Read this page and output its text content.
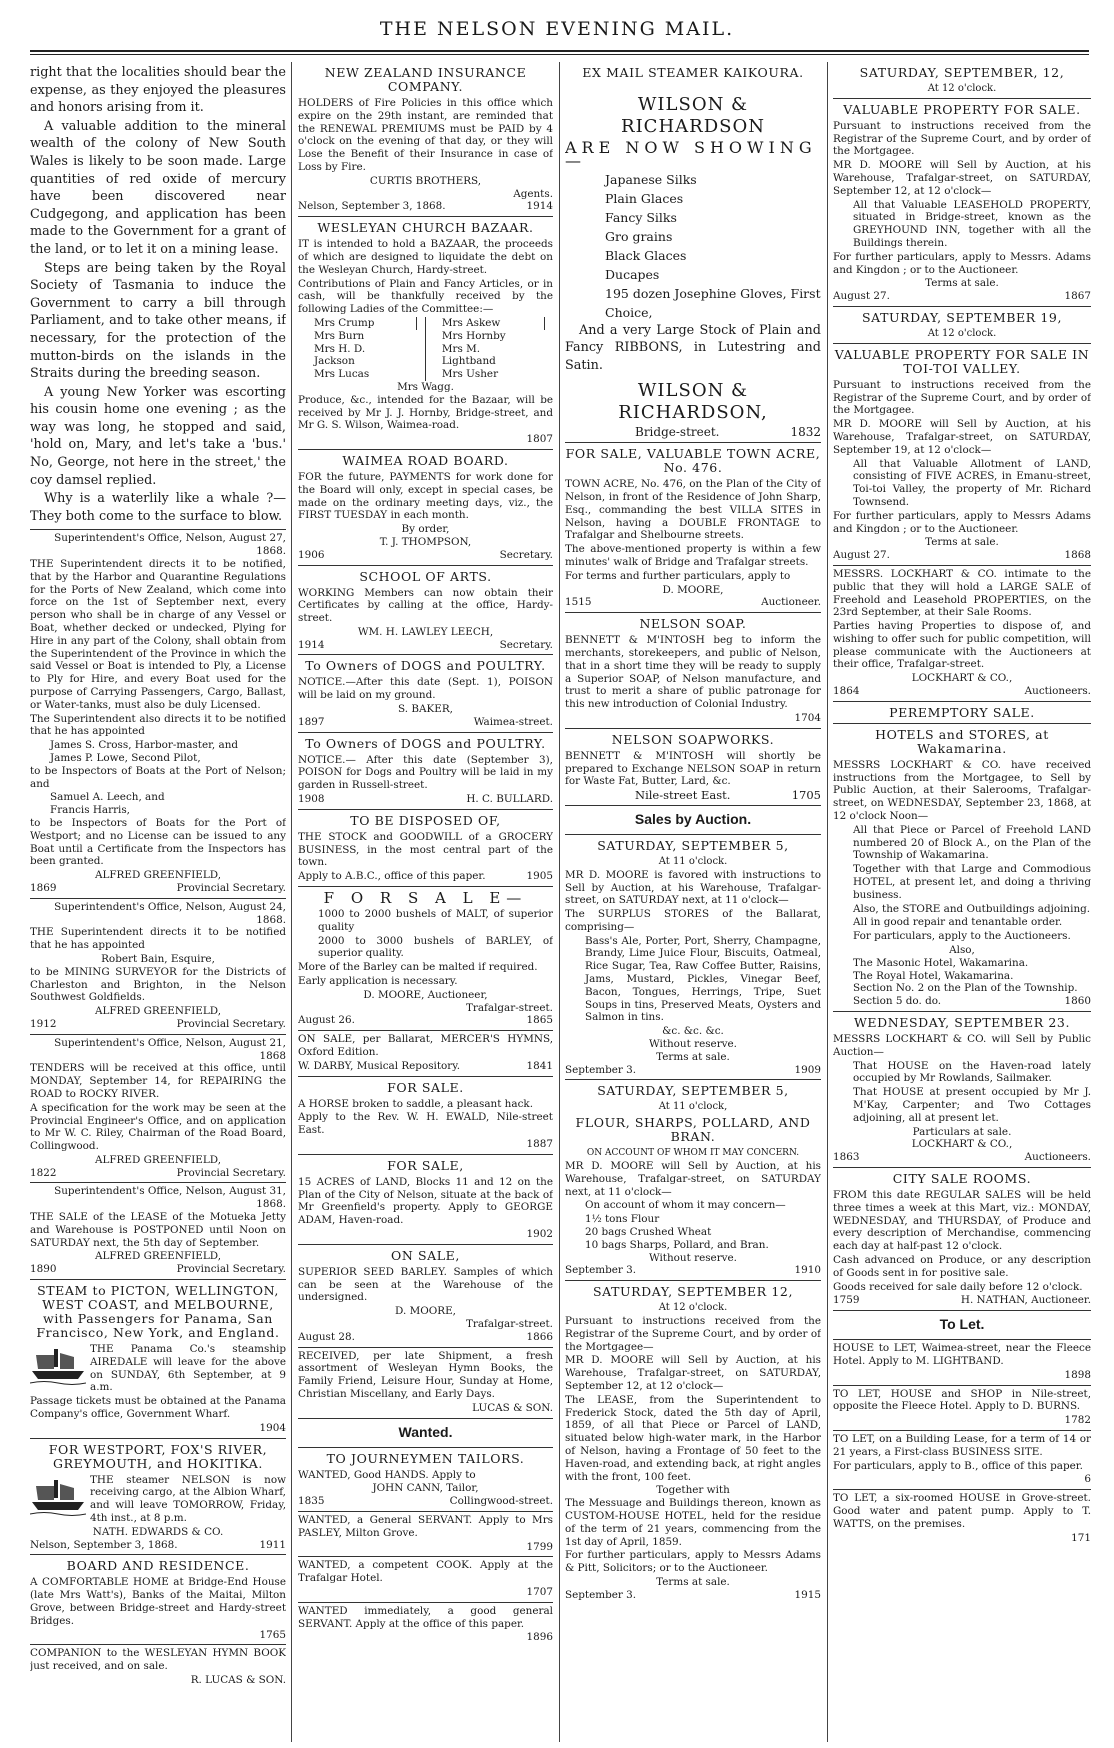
THE NELSON EVENING MAIL.

right that the localities should bear the expense, as they enjoyed the pleasures and honors arising from it.

A valuable addition to the mineral wealth of the colony of New South Wales is likely to be soon made. Large quantities of red oxide of mercury have been discovered near Cudgegong, and application has been made to the Government for a grant of the land, or to let it on a mining lease.

Steps are being taken by the Royal Society of Tasmania to induce the Government to carry a bill through Parliament, and to take other means, if necessary, for the protection of the mutton-birds on the islands in the Straits during the breeding season.

A young New Yorker was escorting his cousin home one evening ; as the way was long, he stopped and said, 'hold on, Mary, and let's take a 'bus.' No, George, not here in the street,' the coy damsel replied.

Why is a waterlily like a whale ?— They both come to the surface to blow.

Superintendent's Office, Nelson, August 27, 1868.

THE Superintendent directs it to be notified, that by the Harbor and Quarantine Regulations for the Ports of New Zealand, which come into force on the 1st of September next, every person who shall be in charge of any Vessel or Boat, whether decked or undecked, Plying for Hire in any part of the Colony, shall obtain from the Superintendent of the Province in which the said Vessel or Boat is intended to Ply, a License to Ply for Hire, and every Boat used for the purpose of Carrying Passengers, Cargo, Ballast, or Water-tanks, must also be duly Licensed.

The Superintendent also directs it to be notified that he has appointed

James S. Cross, Harbor-master, and
James P. Lowe, Second Pilot,

to be Inspectors of Boats at the Port of Nelson; and

Samuel A. Leech, and
Francis Harris,

to be Inspectors of Boats for the Port of Westport; and no License can be issued to any Boat until a Certificate from the Inspectors has been granted.

ALFRED GREENFIELD,
1869	Provincial Secretary.
Superintendent's Office, Nelson, August 24, 1868.

THE Superintendent directs it to be notified that he has appointed

Robert Bain, Esquire,

to be MINING SURVEYOR for the Districts of Charleston and Brighton, in the Nelson Southwest Goldfields.

ALFRED GREENFIELD,
1912	Provincial Secretary.
Superintendent's Office, Nelson, August 21, 1868

TENDERS will be received at this office, until MONDAY, September 14, for REPAIRING the ROAD to ROCKY RIVER.

A specification for the work may be seen at the Provincial Engineer's Office, and on application to Mr W. C. Riley, Chairman of the Road Board, Collingwood.

ALFRED GREENFIELD,
1822	Provincial Secretary.
Superintendent's Office, Nelson, August 31, 1868.

THE SALE of the LEASE of the Motueka Jetty and Warehouse is POSTPONED until Noon on SATURDAY next, the 5th day of September.

ALFRED GREENFIELD,
1890	Provincial Secretary.
STEAM to PICTON, WELLINGTON, WEST COAST, and MELBOURNE, with Passengers for Panama, San Francisco, New York, and England.

THE Panama Co.'s steamship AIREDALE will leave for the above on SUNDAY, 6th September, at 9 a.m.

Passage tickets must be obtained at the Panama Company's office, Government Wharf.

1904
FOR WESTPORT, FOX'S RIVER, GREYMOUTH, and HOKITIKA.

THE steamer NELSON is now receiving cargo, at the Albion Wharf, and will leave TOMORROW, Friday, 4th inst., at 8 p.m.

NATH. EDWARDS & CO.
Nelson, September 3, 1868.	1911
BOARD AND RESIDENCE.

A COMFORTABLE HOME at Bridge-End House (late Mrs Watt's), Banks of the Maitai, Milton Grove, between Bridge-street and Hardy-street Bridges.

1765

COMPANION to the WESLEYAN HYMN BOOK just received, and on sale.

R. LUCAS & SON.
NEW ZEALAND INSURANCE COMPANY.

HOLDERS of Fire Policies in this office which expire on the 29th instant, are reminded that the RENEWAL PREMIUMS must be PAID by 4 o'clock on the evening of that day, or they will Lose the Benefit of their Insurance in case of Loss by Fire.

CURTIS BROTHERS,
Agents.
Nelson, September 3, 1868.	1914
WESLEYAN CHURCH BAZAAR.

IT is intended to hold a BAZAAR, the proceeds of which are designed to liquidate the debt on the Wesleyan Church, Hardy-street.

Contributions of Plain and Fancy Articles, or in cash, will be thankfully received by the following Ladies of the Committee:—

Mrs Crump
Mrs Burn
Mrs H. D. Jackson
Mrs Lucas
Mrs Askew
Mrs Hornby
Mrs M. Lightband
Mrs Usher
Mrs Wagg.

Produce, &c., intended for the Bazaar, will be received by Mr J. J. Hornby, Bridge-street, and Mr G. S. Wilson, Waimea-road.

1807
WAIMEA ROAD BOARD.

FOR the future, PAYMENTS for work done for the Board will only, except in special cases, be made on the ordinary meeting days, viz., the FIRST TUESDAY in each month.

By order,
T. J. THOMPSON,
1906	Secretary.
SCHOOL OF ARTS.

WORKING Members can now obtain their Certificates by calling at the office, Hardy-street.

WM. H. LAWLEY LEECH,
1914	Secretary.
To Owners of DOGS and POULTRY.

NOTICE.—After this date (Sept. 1), POISON will be laid on my ground.

S. BAKER,
1897	Waimea-street.
To Owners of DOGS and POULTRY.

NOTICE.— After this date (September 3), POISON for Dogs and Poultry will be laid in my garden in Russell-street.

1908	H. C. BULLARD.
TO BE DISPOSED OF,

THE STOCK and GOODWILL of a GROCERY BUSINESS, in the most central part of the town.

Apply to A.B.C., office of this paper.	1905
F O R S A L E—

1000 to 2000 bushels of MALT, of superior quality

2000 to 3000 bushels of BARLEY, of superior quality.

More of the Barley can be malted if required.

Early application is necessary.

D. MOORE, Auctioneer,
Trafalgar-street.
August 26.	1865

ON SALE, per Ballarat, MERCER'S HYMNS, Oxford Edition.

W. DARBY, Musical Repository.	1841
FOR SALE.

A HORSE broken to saddle, a pleasant hack.

Apply to the Rev. W. H. EWALD, Nile-street East.

1887
FOR SALE,

15 ACRES of LAND, Blocks 11 and 12 on the Plan of the City of Nelson, situate at the back of Mr Greenfield's property. Apply to GEORGE ADAM, Haven-road.

1902
ON SALE,

SUPERIOR SEED BARLEY. Samples of which can be seen at the Warehouse of the undersigned.

D. MOORE,
Trafalgar-street.
August 28.	1866

RECEIVED, per late Shipment, a fresh assortment of Wesleyan Hymn Books, the Family Friend, Leisure Hour, Sunday at Home, Christian Miscellany, and Early Days.

LUCAS & SON.
Wanted.
TO JOURNEYMEN TAILORS.

WANTED, Good HANDS. Apply to

JOHN CANN, Tailor,
1835	Collingwood-street.

WANTED, a General SERVANT. Apply to Mrs PASLEY, Milton Grove.

1799

WANTED, a competent COOK. Apply at the Trafalgar Hotel.

1707

WANTED immediately, a good general SERVANT. Apply at the office of this paper.

1896
EX MAIL STEAMER KAIKOURA.
WILSON & RICHARDSON
ARE NOW SHOWING—
Japanese Silks
Plain Glaces
Fancy Silks
Gro grains
Black Glaces
Ducapes
195 dozen Josephine Gloves, First Choice,

And a very Large Stock of Plain and Fancy RIBBONS, in Lutestring and Satin.

WILSON & RICHARDSON,
Bridge-street.	1832
FOR SALE, VALUABLE TOWN ACRE, No. 476.

TOWN ACRE, No. 476, on the Plan of the City of Nelson, in front of the Residence of John Sharp, Esq., commanding the best VILLA SITES in Nelson, having a DOUBLE FRONTAGE to Trafalgar and Shelbourne streets.

The above-mentioned property is within a few minutes' walk of Bridge and Trafalgar streets.

For terms and further particulars, apply to

D. MOORE,
1515	Auctioneer.
NELSON SOAP.

BENNETT & M'INTOSH beg to inform the merchants, storekeepers, and public of Nelson, that in a short time they will be ready to supply a Superior SOAP, of Nelson manufacture, and trust to merit a share of public patronage for this new introduction of Colonial Industry.

1704
NELSON SOAPWORKS.

BENNETT & M'INTOSH will shortly be prepared to Exchange NELSON SOAP in return for Waste Fat, Butter, Lard, &c.

Nile-street East.	1705
Sales by Auction.
SATURDAY, SEPTEMBER 5,
At 11 o'clock.

MR D. MOORE is favored with instructions to Sell by Auction, at his Warehouse, Trafalgar-street, on SATURDAY next, at 11 o'clock—

The SURPLUS STORES of the Ballarat, comprising—

Bass's Ale, Porter, Port, Sherry, Champagne, Brandy, Lime Juice Flour, Biscuits, Oatmeal, Rice Sugar, Tea, Raw Coffee Butter, Raisins, Jams, Mustard, Pickles, Vinegar Beef, Bacon, Tongues, Herrings, Tripe, Suet Soups in tins, Preserved Meats, Oysters and Salmon in tins.

&c. &c. &c.
Without reserve.
Terms at sale.
September 3.	1909
SATURDAY, SEPTEMBER 5,
At 11 o'clock,
FLOUR, SHARPS, POLLARD, AND BRAN.
ON ACCOUNT OF WHOM IT MAY CONCERN.

MR D. MOORE will Sell by Auction, at his Warehouse, Trafalgar-street, on SATURDAY next, at 11 o'clock—

On account of whom it may concern—

1½ tons Flour
20 bags Crushed Wheat
10 bags Sharps, Pollard, and Bran.
Without reserve.
September 3.	1910
SATURDAY, SEPTEMBER 12,
At 12 o'clock.

Pursuant to instructions received from the Registrar of the Supreme Court, and by order of the Mortgagee—

MR D. MOORE will Sell by Auction, at his Warehouse, Trafalgar-street, on SATURDAY, September 12, at 12 o'clock—

The LEASE, from the Superintendent to Frederick Stock, dated the 5th day of April, 1859, of all that Piece or Parcel of LAND, situated below high-water mark, in the Harbor of Nelson, having a Frontage of 50 feet to the Haven-road, and extending back, at right angles with the front, 100 feet.

Together with

The Messuage and Buildings thereon, known as CUSTOM-HOUSE HOTEL, held for the residue of the term of 21 years, commencing from the 1st day of April, 1859.

For further particulars, apply to Messrs Adams & Pitt, Solicitors; or to the Auctioneer.

Terms at sale.
September 3.	1915
SATURDAY, SEPTEMBER, 12,
At 12 o'clock.
VALUABLE PROPERTY FOR SALE.

Pursuant to instructions received from the Registrar of the Supreme Court, and by order of the Mortgagee.

MR D. MOORE will Sell by Auction, at his Warehouse, Trafalgar-street, on SATURDAY, September 12, at 12 o'clock—

All that Valuable LEASEHOLD PROPERTY, situated in Bridge-street, known as the GREYHOUND INN, together with all the Buildings therein.

For further particulars, apply to Messrs. Adams and Kingdon ; or to the Auctioneer.

Terms at sale.
August 27.	1867
SATURDAY, SEPTEMBER 19,
At 12 o'clock.
VALUABLE PROPERTY FOR SALE IN TOI-TOI VALLEY.

Pursuant to instructions received from the Registrar of the Supreme Court, and by order of the Mortgagee.

MR D. MOORE will Sell by Auction, at his Warehouse, Trafalgar-street, on SATURDAY, September 19, at 12 o'clock—

All that Valuable Allotment of LAND, consisting of FIVE ACRES, in Emanu-street, Toi-toi Valley, the property of Mr. Richard Townsend.

For further particulars, apply to Messrs Adams and Kingdon ; or to the Auctioneer.

Terms at sale.
August 27.	1868

MESSRS. LOCKHART & CO. intimate to the public that they will hold a LARGE SALE of Freehold and Leasehold PROPERTIES, on the 23rd September, at their Sale Rooms.

Parties having Properties to dispose of, and wishing to offer such for public competition, will please communicate with the Auctioneers at their office, Trafalgar-street.

LOCKHART & CO.,
1864	Auctioneers.
PEREMPTORY SALE.
HOTELS and STORES, at Wakamarina.

MESSRS LOCKHART & CO. have received instructions from the Mortgagee, to Sell by Public Auction, at their Salerooms, Trafalgar-street, on WEDNESDAY, September 23, 1868, at 12 o'clock Noon—

All that Piece or Parcel of Freehold LAND numbered 20 of Block A., on the Plan of the Township of Wakamarina.

Together with that Large and Commodious HOTEL, at present let, and doing a thriving business.

Also, the STORE and Outbuildings adjoining.

All in good repair and tenantable order.

For particulars, apply to the Auctioneers.

Also,
The Masonic Hotel, Wakamarina.
The Royal Hotel, Wakamarina.
Section No. 2 on the Plan of the Township.
Section 5 do. do.	1860
WEDNESDAY, SEPTEMBER 23.

MESSRS LOCKHART & CO. will Sell by Public Auction—

That HOUSE on the Haven-road lately occupied by Mr Rowlands, Sailmaker.

That HOUSE at present occupied by Mr J. M'Kay, Carpenter; and Two Cottages adjoining, all at present let.

Particulars at sale.
LOCKHART & CO.,
1863	Auctioneers.
CITY SALE ROOMS.

FROM this date REGULAR SALES will be held three times a week at this Mart, viz.: MONDAY, WEDNESDAY, and THURSDAY, of Produce and every description of Merchandise, commencing each day at half-past 12 o'clock.

Cash advanced on Produce, or any description of Goods sent in for positive sale.

Goods received for sale daily before 12 o'clock.

1759	H. NATHAN, Auctioneer.
To Let.

HOUSE to LET, Waimea-street, near the Fleece Hotel. Apply to M. LIGHTBAND.

1898

TO LET, HOUSE and SHOP in Nile-street, opposite the Fleece Hotel. Apply to D. BURNS.

1782

TO LET, on a Building Lease, for a term of 14 or 21 years, a First-class BUSINESS SITE.

For particulars, apply to B., office of this paper.

6

TO LET, a six-roomed HOUSE in Grove-street. Good water and patent pump. Apply to T. WATTS, on the premises.

171
